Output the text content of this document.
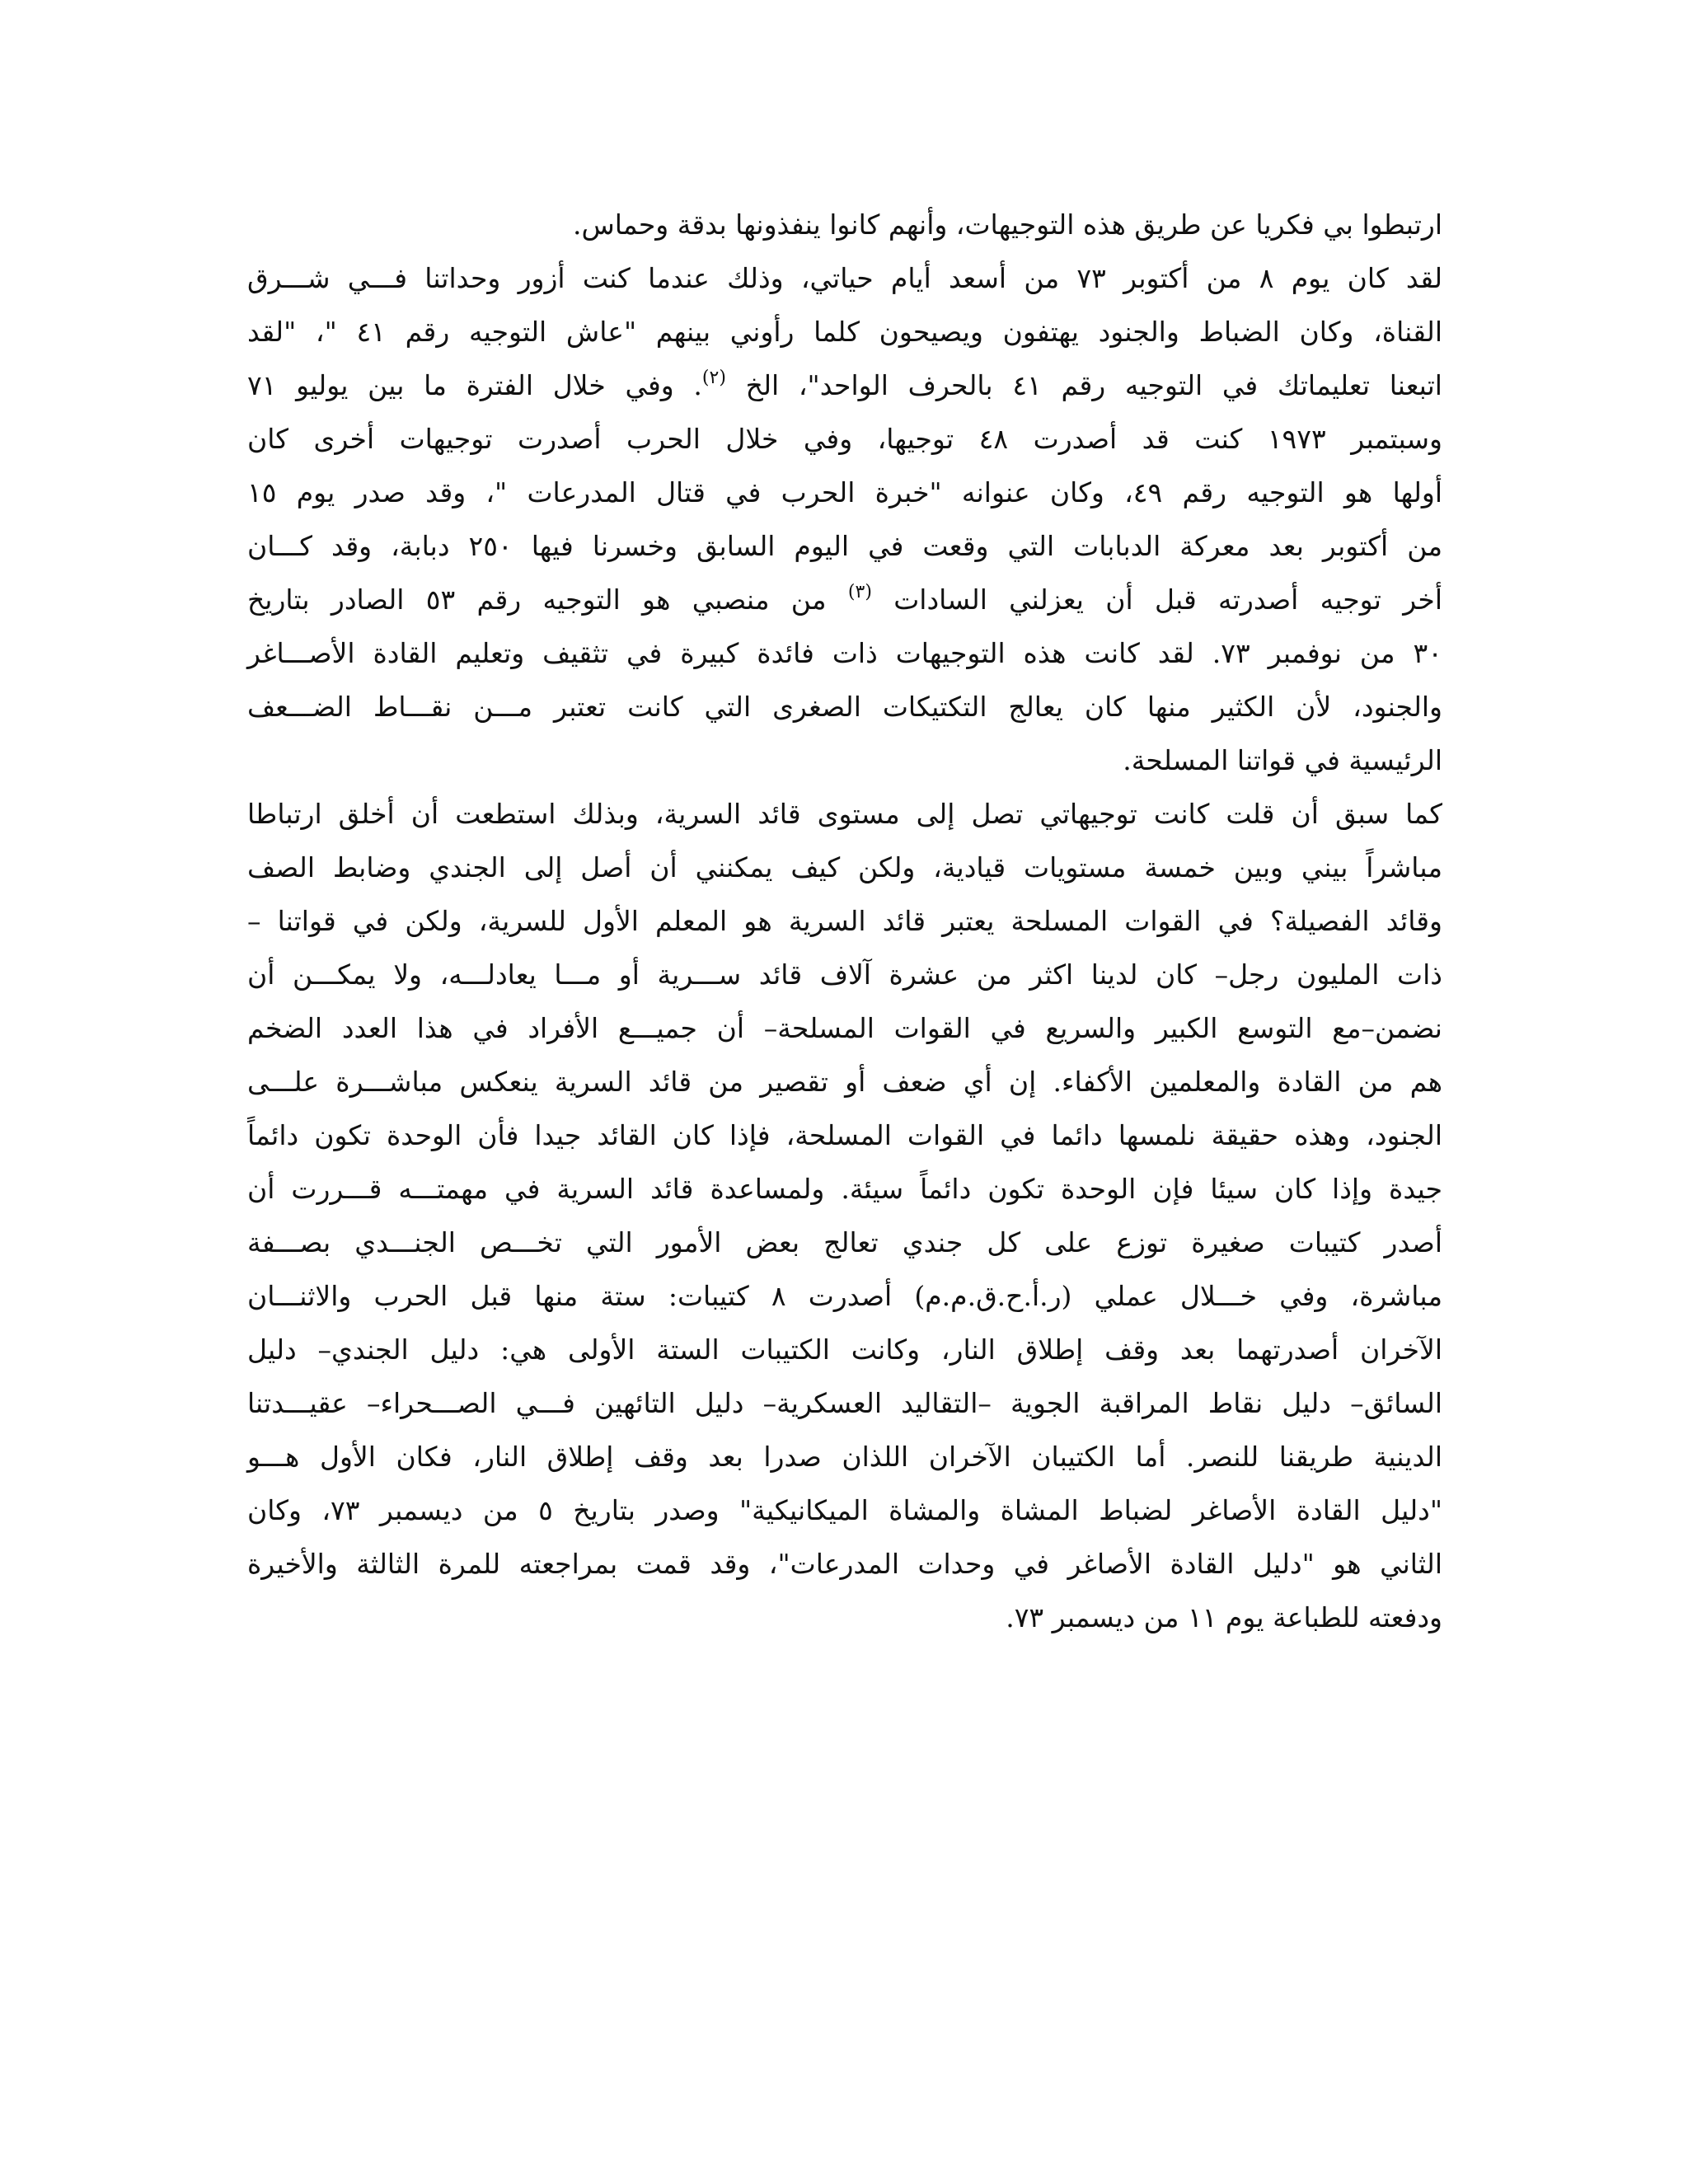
ارتبطوا بي فكريا عن طريق هذه التوجيهات، وأنهم كانوا ينفذونها بدقة وحماس.
لقد كان يوم ٨ من أكتوبر ٧٣ من أسعد أيام حياتي، وذلك عندما كنت أزور وحداتنا فـــي شـــرق
القناة، وكان الضباط والجنود يهتفون ويصيحون كلما رأوني بينهم "عاش التوجيه رقم ٤١ "، "لقد
اتبعنا تعليماتك في التوجيه رقم ٤١ بالحرف الواحد"، الخ $^{(٢)}$. وفي خلال الفترة ما بين يوليو ٧١
وسبتمبر ١٩٧٣ كنت قد أصدرت ٤٨ توجيها، وفي خلال الحرب أصدرت توجيهات أخرى كان
أولها هو التوجيه رقم ٤٩، وكان عنوانه "خبرة الحرب في قتال المدرعات "، وقد صدر يوم ١٥
من أكتوبر بعد معركة الدبابات التي وقعت في اليوم السابق وخسرنا فيها ٢٥٠ دبابة، وقد كـــان
أخر توجيه أصدرته قبل أن يعزلني السادات $^{(٣)}$ من منصبي هو التوجيه رقم ٥٣ الصادر بتاريخ
٣٠ من نوفمبر ٧٣. لقد كانت هذه التوجيهات ذات فائدة كبيرة في تثقيف وتعليم القادة الأصـــاغر
والجنود، لأن الكثير منها كان يعالج التكتيكات الصغرى التي كانت تعتبر مـــن نقـــاط الضـــعف
الرئيسية في قواتنا المسلحة.
كما سبق أن قلت كانت توجيهاتي تصل إلى مستوى قائد السرية، وبذلك استطعت أن أخلق ارتباطا
مباشراً بيني وبين خمسة مستويات قيادية، ولكن كيف يمكنني أن أصل إلى الجندي وضابط الصف
وقائد الفصيلة؟ في القوات المسلحة يعتبر قائد السرية هو المعلم الأول للسرية، ولكن في قواتنا –
ذات المليون رجل– كان لدينا اكثر من عشرة آلاف قائد ســـرية أو مـــا يعادلـــه، ولا يمكـــن أن
نضمن–مع التوسع الكبير والسريع في القوات المسلحة– أن جميـــع الأفراد في هذا العدد الضخم
هم من القادة والمعلمين الأكفاء. إن أي ضعف أو تقصير من قائد السرية ينعكس مباشـــرة علـــى
الجنود، وهذه حقيقة نلمسها دائما في القوات المسلحة، فإذا كان القائد جيدا فأن الوحدة تكون دائماً
جيدة وإذا كان سيئا فإن الوحدة تكون دائماً سيئة. ولمساعدة قائد السرية في مهمتـــه قـــررت أن
أصدر كتيبات صغيرة توزع على كل جندي تعالج بعض الأمور التي تخـــص الجنـــدي بصـــفة
مباشرة، وفي خـــلال عملي (ر.أ.ح.ق.م.م) أصدرت ٨ كتيبات: ستة منها قبل الحرب والاثنـــان
الآخران أصدرتهما بعد وقف إطلاق النار، وكانت الكتيبات الستة الأولى هي: دليل الجندي– دليل
السائق– دليل نقاط المراقبة الجوية –التقاليد العسكرية– دليل التائهين فـــي الصـــحراء– عقيـــدتنا
الدينية طريقنا للنصر. أما الكتيبان الآخران اللذان صدرا بعد وقف إطلاق النار، فكان الأول هـــو
"دليل القادة الأصاغر لضباط المشاة والمشاة الميكانيكية" وصدر بتاريخ ٥ من ديسمبر ٧٣، وكان
الثاني هو "دليل القادة الأصاغر في وحدات المدرعات"، وقد قمت بمراجعته للمرة الثالثة والأخيرة
ودفعته للطباعة يوم ١١ من ديسمبر ٧٣.
